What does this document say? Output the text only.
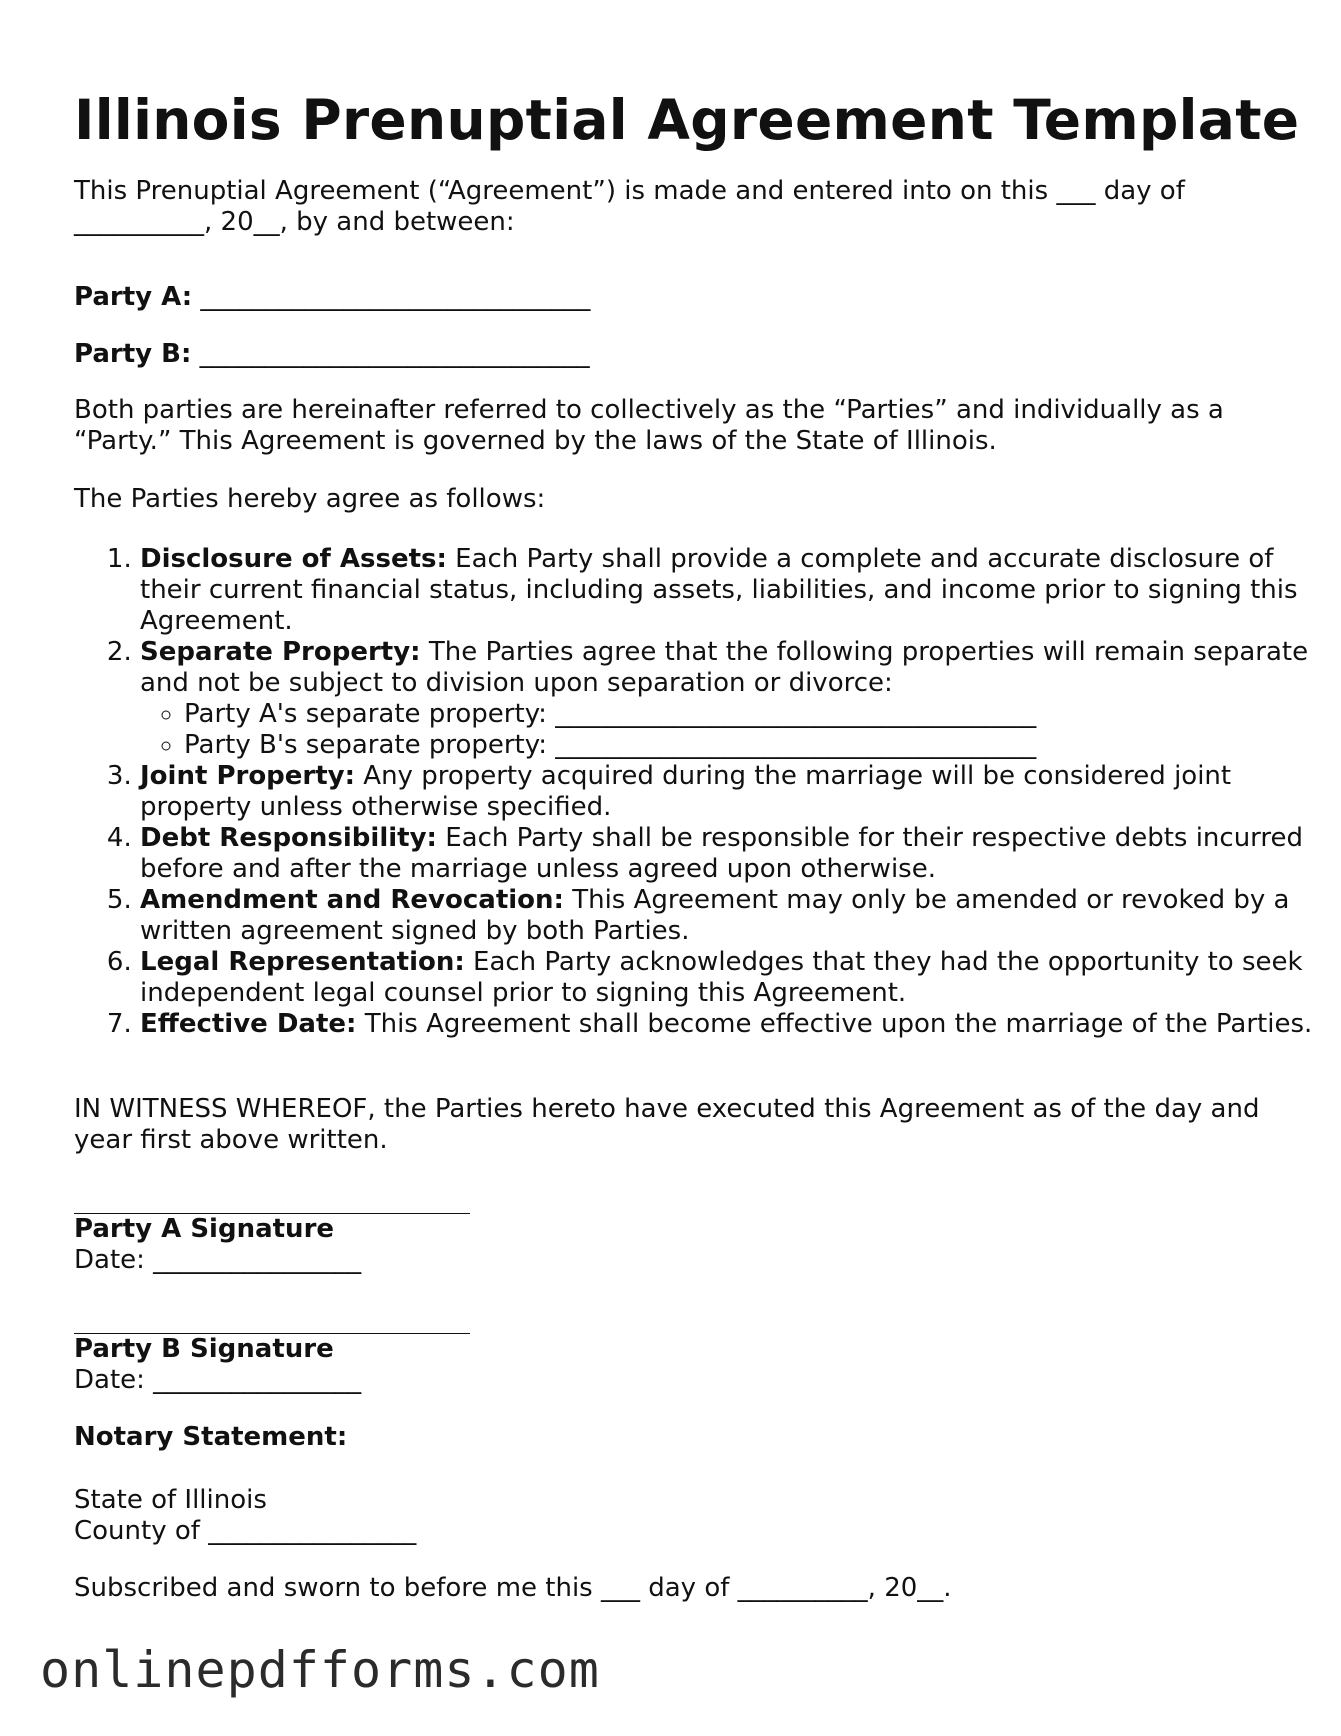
Illinois Prenuptial Agreement Template

This Prenuptial Agreement (“Agreement”) is made and entered into on this ___ day of __________, 20__, by and between:

Party A: ______________________________

Party B: ______________________________

Both parties are hereinafter referred to collectively as the “Parties” and individually as a “Party.” This Agreement is governed by the laws of the State of Illinois.

The Parties hereby agree as follows:

1. Disclosure of Assets: Each Party shall provide a complete and accurate disclosure of their current financial status, including assets, liabilities, and income prior to signing this Agreement.
2. Separate Property: The Parties agree that the following properties will remain separate and not be subject to division upon separation or divorce:
◦ Party A's separate property: _____________________________________
◦ Party B's separate property: _____________________________________
3. Joint Property: Any property acquired during the marriage will be considered joint property unless otherwise specified.
4. Debt Responsibility: Each Party shall be responsible for their respective debts incurred before and after the marriage unless agreed upon otherwise.
5. Amendment and Revocation: This Agreement may only be amended or revoked by a written agreement signed by both Parties.
6. Legal Representation: Each Party acknowledges that they had the opportunity to seek independent legal counsel prior to signing this Agreement.
7. Effective Date: This Agreement shall become effective upon the marriage of the Parties.

IN WITNESS WHEREOF, the Parties hereto have executed this Agreement as of the day and year first above written.

Party A Signature

Date: ________________

Party B Signature

Date: ________________

Notary Statement:

State of Illinois

County of ________________

Subscribed and sworn to before me this ___ day of __________, 20__.

onlinepdfforms.com
